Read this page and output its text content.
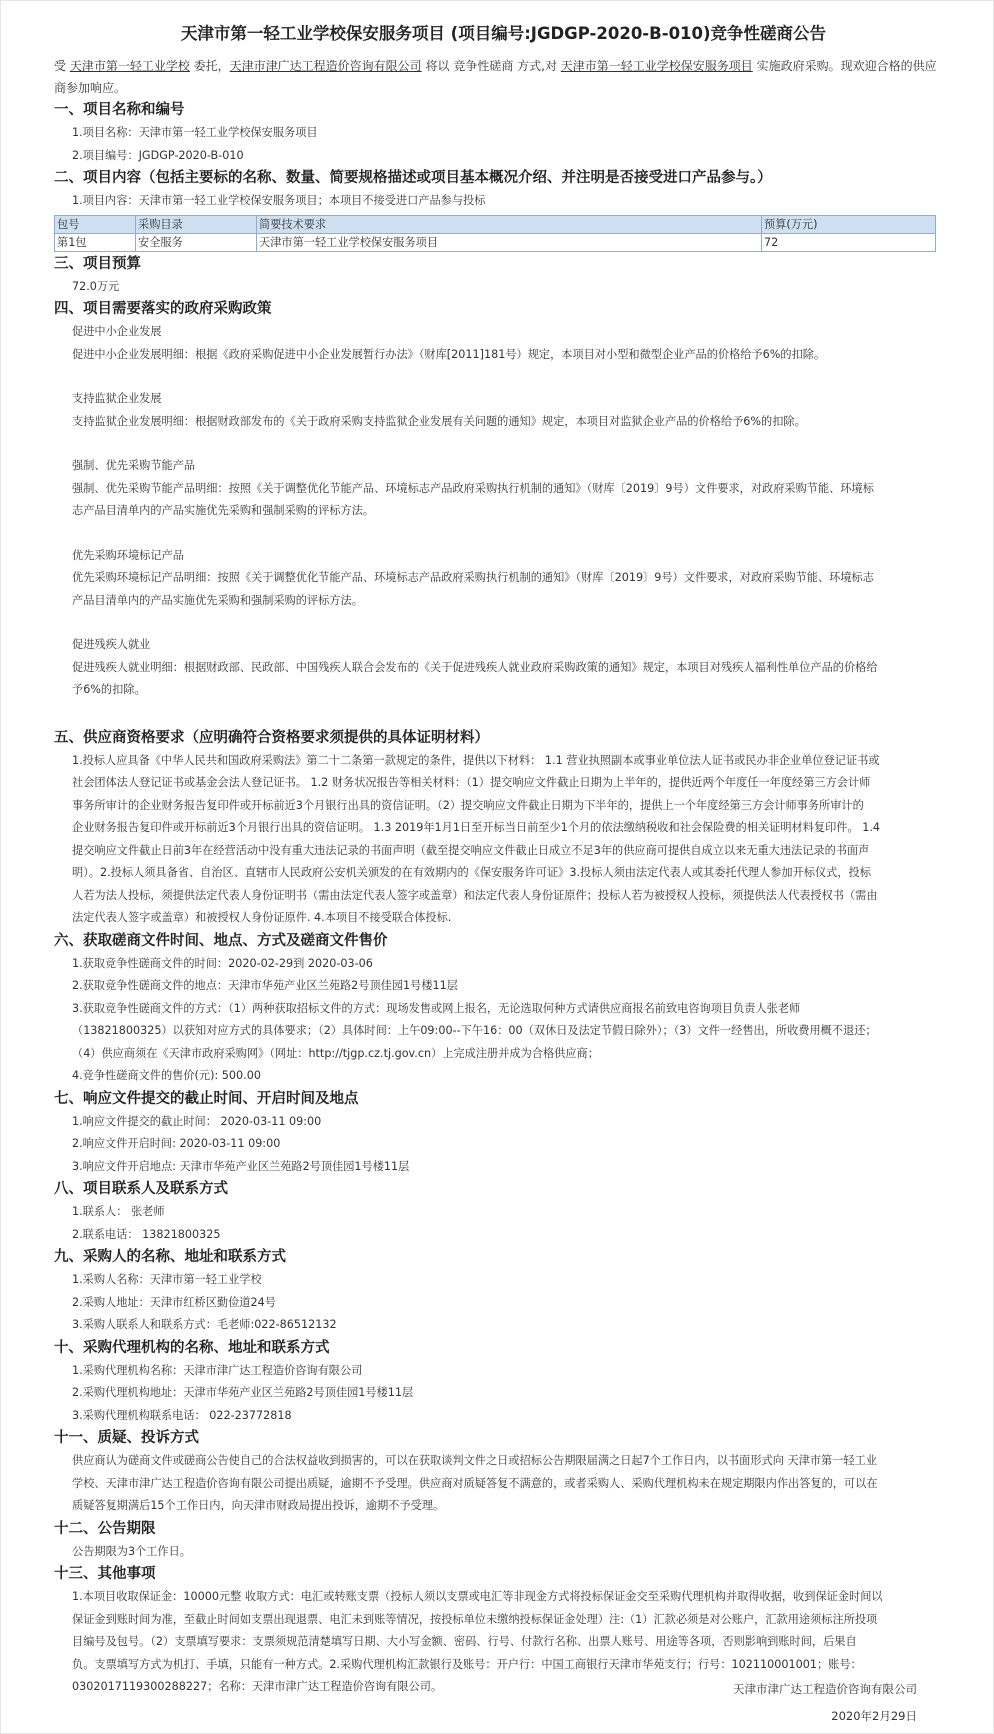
天津市第一轻工业学校保安服务项目 (项目编号:JGDGP-2020-B-010)竞争性磋商公告
受 天津市第一轻工业学校 委托，天津市津广达工程造价咨询有限公司 将以 竞争性磋商 方式,对 天津市第一轻工业学校保安服务项目 实施政府采购。现欢迎合格的供应
商参加响应。
一、项目名称和编号
1.项目名称：天津市第一轻工业学校保安服务项目
2.项目编号：JGDGP-2020-B-010
二、项目内容（包括主要标的名称、数量、简要规格描述或项目基本概况介绍、并注明是否接受进口产品参与。）
1.项目内容：天津市第一轻工业学校保安服务项目；本项目不接受进口产品参与投标
包号	采购目录	简要技术要求	预算(万元)
第1包	安全服务	天津市第一轻工业学校保安服务项目	72
三、项目预算
72.0万元
四、项目需要落实的政府采购政策
促进中小企业发展
促进中小企业发展明细：根据《政府采购促进中小企业发展暂行办法》（财库[2011]181号）规定，本项目对小型和微型企业产品的价格给予6%的扣除。
支持监狱企业发展
支持监狱企业发展明细：根据财政部发布的《关于政府采购支持监狱企业发展有关问题的通知》规定，本项目对监狱企业产品的价格给予6%的扣除。
强制、优先采购节能产品
强制、优先采购节能产品明细：按照《关于调整优化节能产品、环境标志产品政府采购执行机制的通知》（财库〔2019〕9号）文件要求，对政府采购节能、环境标
志产品目清单内的产品实施优先采购和强制采购的评标方法。
优先采购环境标记产品
优先采购环境标记产品明细：按照《关于调整优化节能产品、环境标志产品政府采购执行机制的通知》（财库〔2019〕9号）文件要求，对政府采购节能、环境标志
产品目清单内的产品实施优先采购和强制采购的评标方法。
促进残疾人就业
促进残疾人就业明细：根据财政部、民政部、中国残疾人联合会发布的《关于促进残疾人就业政府采购政策的通知》规定，本项目对残疾人福利性单位产品的价格给
予6%的扣除。
五、供应商资格要求（应明确符合资格要求须提供的具体证明材料）
1.投标人应具备《中华人民共和国政府采购法》第二十二条第一款规定的条件，提供以下材料： 1.1 营业执照副本或事业单位法人证书或民办非企业单位登记证书或
社会团体法人登记证书或基金会法人登记证书。 1.2 财务状况报告等相关材料：（1）提交响应文件截止日期为上半年的，提供近两个年度任一年度经第三方会计师
事务所审计的企业财务报告复印件或开标前近3个月银行出具的资信证明。（2）提交响应文件截止日期为下半年的，提供上一个年度经第三方会计师事务所审计的
企业财务报告复印件或开标前近3个月银行出具的资信证明。 1.3 2019年1月1日至开标当日前至少1个月的依法缴纳税收和社会保险费的相关证明材料复印件。 1.4
提交响应文件截止日前3年在经营活动中没有重大违法记录的书面声明（截至提交响应文件截止日成立不足3年的供应商可提供自成立以来无重大违法记录的书面声
明）。2.投标人须具备省、自治区、直辖市人民政府公安机关颁发的在有效期内的《保安服务许可证》3.投标人须由法定代表人或其委托代理人参加开标仪式，投标
人若为法人投标，须提供法定代表人身份证明书（需由法定代表人签字或盖章）和法定代表人身份证原件；投标人若为被授权人投标，须提供法人代表授权书（需由
法定代表人签字或盖章）和被授权人身份证原件. 4.本项目不接受联合体投标.
六、获取磋商文件时间、地点、方式及磋商文件售价
1.获取竞争性磋商文件的时间：2020-02-29到 2020-03-06
2.获取竞争性磋商文件的地点：天津市华苑产业区兰苑路2号顶佳园1号楼11层
3.获取竞争性磋商文件的方式：（1）两种获取招标文件的方式：现场发售或网上报名，无论选取何种方式请供应商报名前致电咨询项目负责人张老师
（13821800325）以获知对应方式的具体要求；（2）具体时间：上午09:00--下午16：00（双休日及法定节假日除外）；（3）文件一经售出，所收费用概不退还；
（4）供应商须在《天津市政府采购网》（网址：http://tjgp.cz.tj.gov.cn）上完成注册并成为合格供应商；
4.竞争性磋商文件的售价(元): 500.00
七、响应文件提交的截止时间、开启时间及地点
1.响应文件提交的截止时间： 2020-03-11 09:00
2.响应文件开启时间: 2020-03-11 09:00
3.响应文件开启地点: 天津市华苑产业区兰苑路2号顶佳园1号楼11层
八、项目联系人及联系方式
1.联系人： 张老师
2.联系电话： 13821800325
九、采购人的名称、地址和联系方式
1.采购人名称：天津市第一轻工业学校
2.采购人地址：天津市红桥区勤俭道24号
3.采购人联系人和联系方式：毛老师:022-86512132
十、采购代理机构的名称、地址和联系方式
1.采购代理机构名称：天津市津广达工程造价咨询有限公司
2.采购代理机构地址：天津市华苑产业区兰苑路2号顶佳园1号楼11层
3.采购代理机构联系电话： 022-23772818
十一、质疑、投诉方式
供应商认为磋商文件或磋商公告使自己的合法权益收到损害的，可以在获取谈判文件之日或招标公告期限届满之日起7个工作日内，以书面形式向 天津市第一轻工业
学校、天津市津广达工程造价咨询有限公司提出质疑，逾期不予受理。供应商对质疑答复不满意的，或者采购人、采购代理机构未在规定期限内作出答复的，可以在
质疑答复期满后15个工作日内，向天津市财政局提出投诉，逾期不予受理。
十二、公告期限
公告期限为3个工作日。
十三、其他事项
1.本项目收取保证金：10000元整 收取方式：电汇或转账支票（投标人须以支票或电汇等非现金方式将投标保证金交至采购代理机构并取得收据，收到保证金时间以
保证金到账时间为准，至截止时间如支票出现退票、电汇未到账等情况，按投标单位未缴纳投标保证金处理）注:（1）汇款必须是对公账户，汇款用途须标注所投项
目编号及包号。（2）支票填写要求：支票须规范清楚填写日期、大小写金额、密码、行号、付款行名称、出票人账号、用途等各项，否则影响到账时间，后果自
负。支票填写方式为机打、手填，只能有一种方式。2.采购代理机构汇款银行及账号：开户行：中国工商银行天津市华苑支行；行号：102110001001；账号：
0302017119300288227；名称：天津市津广达工程造价咨询有限公司。	天津市津广达工程造价咨询有限公司
2020年2月29日
